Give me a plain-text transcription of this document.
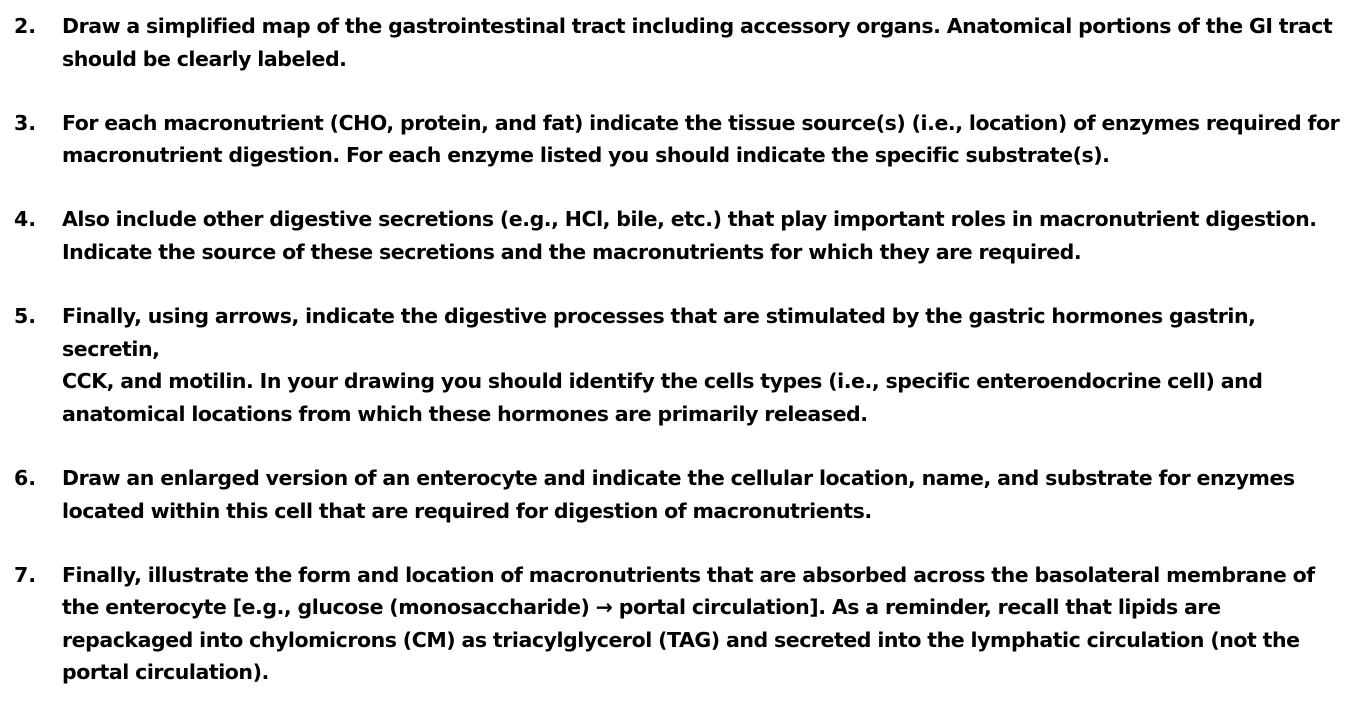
2.	Draw a simplified map of the gastrointestinal tract including accessory organs. Anatomical portions of the GI tract
should be clearly labeled.
3.	For each macronutrient (CHO, protein, and fat) indicate the tissue source(s) (i.e., location) of enzymes required for
macronutrient digestion. For each enzyme listed you should indicate the specific substrate(s).
4.	Also include other digestive secretions (e.g., HCl, bile, etc.) that play important roles in macronutrient digestion.
Indicate the source of these secretions and the macronutrients for which they are required.
5.	Finally, using arrows, indicate the digestive processes that are stimulated by the gastric hormones gastrin, secretin,
CCK, and motilin. In your drawing you should identify the cells types (i.e., specific enteroendocrine cell) and
anatomical locations from which these hormones are primarily released.
6.	Draw an enlarged version of an enterocyte and indicate the cellular location, name, and substrate for enzymes
located within this cell that are required for digestion of macronutrients.
7.	Finally, illustrate the form and location of macronutrients that are absorbed across the basolateral membrane of
the enterocyte [e.g., glucose (monosaccharide) → portal circulation]. As a reminder, recall that lipids are
repackaged into chylomicrons (CM) as triacylglycerol (TAG) and secreted into the lymphatic circulation (not the
portal circulation).
